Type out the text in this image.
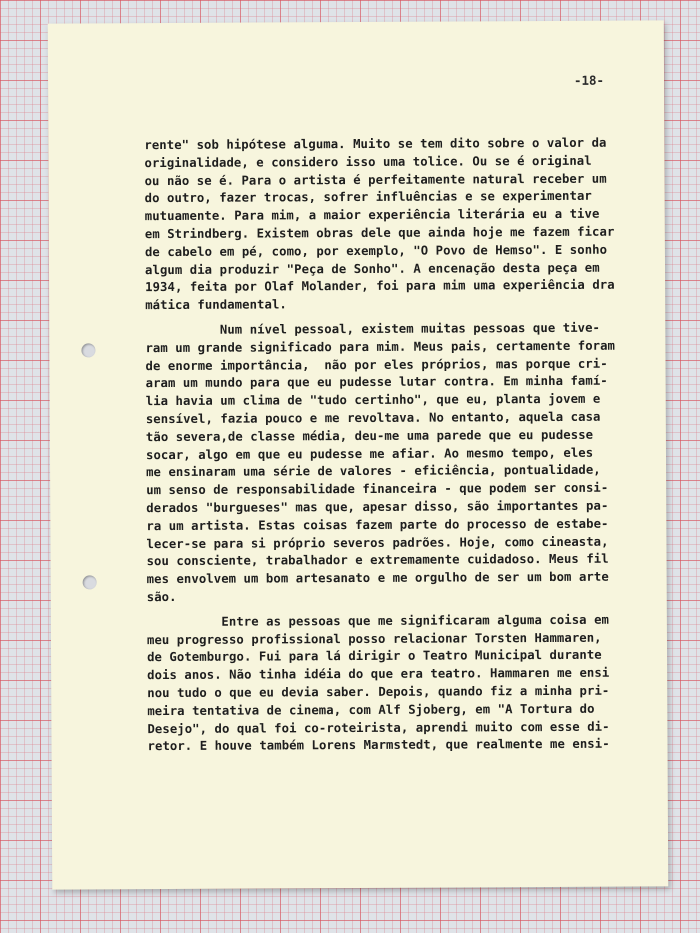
-18-
rente" sob hipótese alguma. Muito se tem dito sobre o valor da
originalidade, e considero isso uma tolice. Ou se é original
ou não se é. Para o artista é perfeitamente natural receber um
do outro, fazer trocas, sofrer influências e se experimentar
mutuamente. Para mim, a maior experiência literária eu a tive
em Strindberg. Existem obras dele que ainda hoje me fazem ficar
de cabelo em pé, como, por exemplo, "O Povo de Hemso". E sonho
algum dia produzir "Peça de Sonho". A encenação desta peça em
1934, feita por Olaf Molander, foi para mim uma experiência dra
mática fundamental.
Num nível pessoal, existem muitas pessoas que tive-
ram um grande significado para mim. Meus pais, certamente foram
de enorme importância,  não por eles próprios, mas porque cri-
aram um mundo para que eu pudesse lutar contra. Em minha famí-
lia havia um clima de "tudo certinho", que eu, planta jovem e
sensível, fazia pouco e me revoltava. No entanto, aquela casa
tão severa,de classe média, deu-me uma parede que eu pudesse
socar, algo em que eu pudesse me afiar. Ao mesmo tempo, eles
me ensinaram uma série de valores - eficiência, pontualidade,
um senso de responsabilidade financeira - que podem ser consi-
derados "burgueses" mas que, apesar disso, são importantes pa-
ra um artista. Estas coisas fazem parte do processo de estabe-
lecer-se para si próprio severos padrões. Hoje, como cineasta,
sou consciente, trabalhador e extremamente cuidadoso. Meus fil
mes envolvem um bom artesanato e me orgulho de ser um bom arte
são.
Entre as pessoas que me significaram alguma coisa em
meu progresso profissional posso relacionar Torsten Hammaren,
de Gotemburgo. Fui para lá dirigir o Teatro Municipal durante
dois anos. Não tinha idéia do que era teatro. Hammaren me ensi
nou tudo o que eu devia saber. Depois, quando fiz a minha pri-
meira tentativa de cinema, com Alf Sjoberg, em "A Tortura do
Desejo", do qual foi co-roteirista, aprendi muito com esse di-
retor. E houve também Lorens Marmstedt, que realmente me ensi-
